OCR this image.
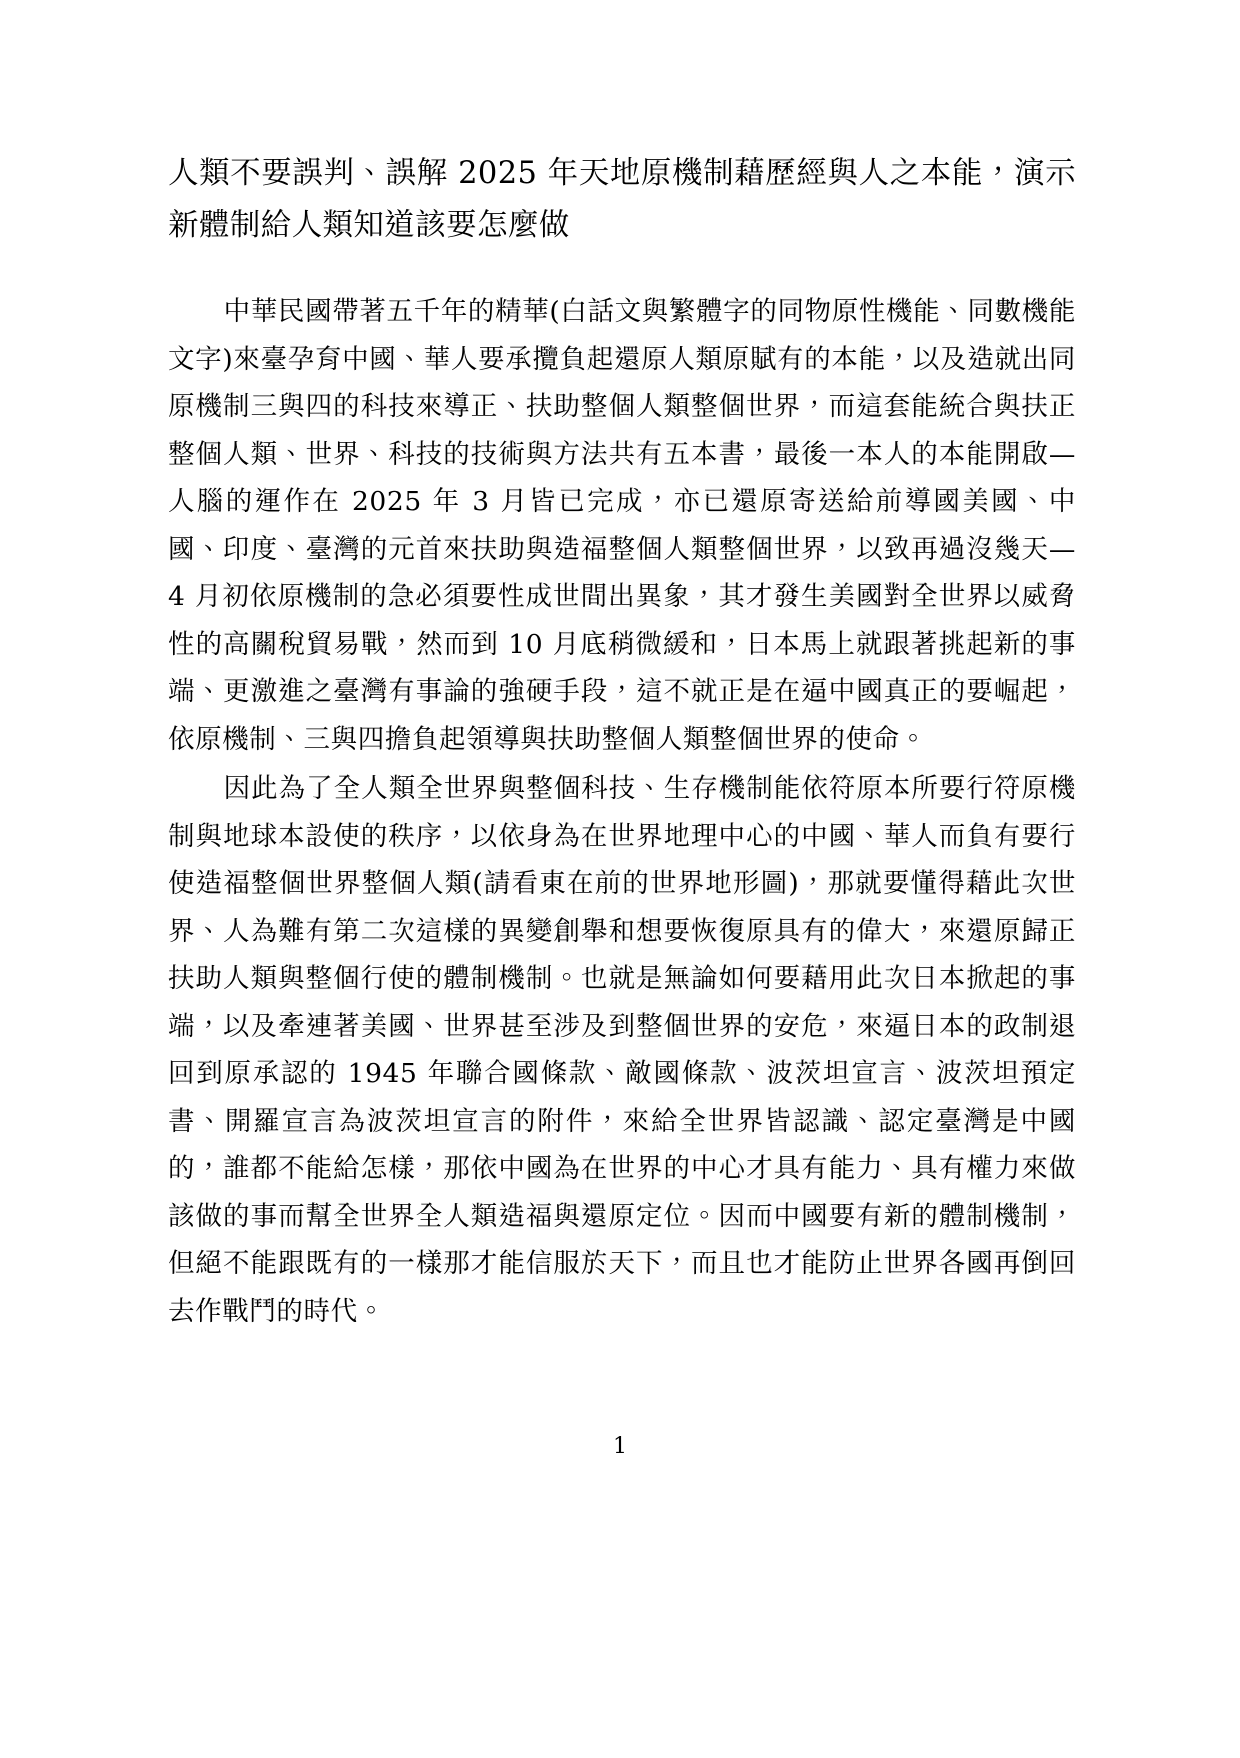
人類不要誤判、誤解 2025 年天地原機制藉歷經與人之本能，演示新體制給人類知道該要怎麼做

中華民國帶著五千年的精華(白話文與繁體字的同物原性機能、同數機能文字)來臺孕育中國、華人要承攬負起還原人類原賦有的本能，以及造就出同原機制三與四的科技來導正、扶助整個人類整個世界，而這套能統合與扶正整個人類、世界、科技的技術與方法共有五本書，最後一本人的本能開啟—人腦的運作在 2025 年 3 月皆已完成，亦已還原寄送給前導國美國、中國、印度、臺灣的元首來扶助與造福整個人類整個世界，以致再過沒幾天— 4 月初依原機制的急必須要性成世間出異象，其才發生美國對全世界以威脅性的高關稅貿易戰，然而到 10 月底稍微緩和，日本馬上就跟著挑起新的事端、更激進之臺灣有事論的強硬手段，這不就正是在逼中國真正的要崛起，依原機制、三與四擔負起領導與扶助整個人類整個世界的使命。

因此為了全人類全世界與整個科技、生存機制能依符原本所要行符原機制與地球本設使的秩序，以依身為在世界地理中心的中國、華人而負有要行使造福整個世界整個人類(請看東在前的世界地形圖)，那就要懂得藉此次世界、人為難有第二次這樣的異變創舉和想要恢復原具有的偉大，來還原歸正扶助人類與整個行使的體制機制。也就是無論如何要藉用此次日本掀起的事端，以及牽連著美國、世界甚至涉及到整個世界的安危，來逼日本的政制退回到原承認的 1945 年聯合國條款、敵國條款、波茨坦宣言、波茨坦預定書、開羅宣言為波茨坦宣言的附件，來給全世界皆認識、認定臺灣是中國的，誰都不能給怎樣，那依中國為在世界的中心才具有能力、具有權力來做該做的事而幫全世界全人類造福與還原定位。因而中國要有新的體制機制，但絕不能跟既有的一樣那才能信服於天下，而且也才能防止世界各國再倒回去作戰鬥的時代。

1
